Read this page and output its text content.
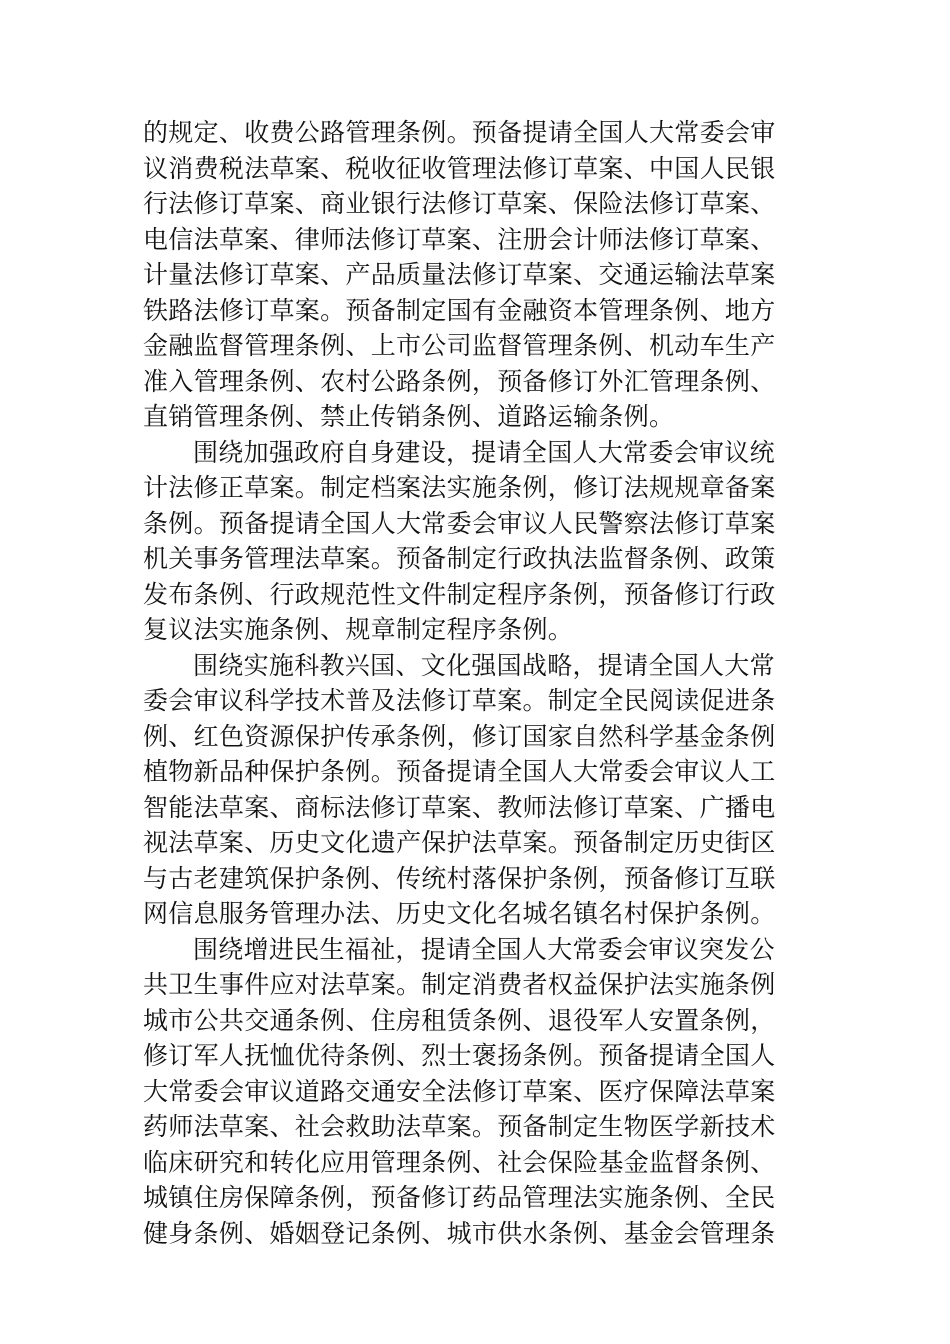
的规定、收费公路管理条例。预备提请全国人大常委会审
议消费税法草案、税收征收管理法修订草案、中国人民银
行法修订草案、商业银行法修订草案、保险法修订草案、
电信法草案、律师法修订草案、注册会计师法修订草案、
计量法修订草案、产品质量法修订草案、交通运输法草案
铁路法修订草案。预备制定国有金融资本管理条例、地方
金融监督管理条例、上市公司监督管理条例、机动车生产
准入管理条例、农村公路条例，预备修订外汇管理条例、
直销管理条例、禁止传销条例、道路运输条例。
围绕加强政府自身建设，提请全国人大常委会审议统
计法修正草案。制定档案法实施条例，修订法规规章备案
条例。预备提请全国人大常委会审议人民警察法修订草案
机关事务管理法草案。预备制定行政执法监督条例、政策
发布条例、行政规范性文件制定程序条例，预备修订行政
复议法实施条例、规章制定程序条例。
围绕实施科教兴国、文化强国战略，提请全国人大常
委会审议科学技术普及法修订草案。制定全民阅读促进条
例、红色资源保护传承条例，修订国家自然科学基金条例
植物新品种保护条例。预备提请全国人大常委会审议人工
智能法草案、商标法修订草案、教师法修订草案、广播电
视法草案、历史文化遗产保护法草案。预备制定历史街区
与古老建筑保护条例、传统村落保护条例，预备修订互联
网信息服务管理办法、历史文化名城名镇名村保护条例。
围绕增进民生福祉，提请全国人大常委会审议突发公
共卫生事件应对法草案。制定消费者权益保护法实施条例
城市公共交通条例、住房租赁条例、退役军人安置条例，
修订军人抚恤优待条例、烈士褒扬条例。预备提请全国人
大常委会审议道路交通安全法修订草案、医疗保障法草案
药师法草案、社会救助法草案。预备制定生物医学新技术
临床研究和转化应用管理条例、社会保险基金监督条例、
城镇住房保障条例，预备修订药品管理法实施条例、全民
健身条例、婚姻登记条例、城市供水条例、基金会管理条
